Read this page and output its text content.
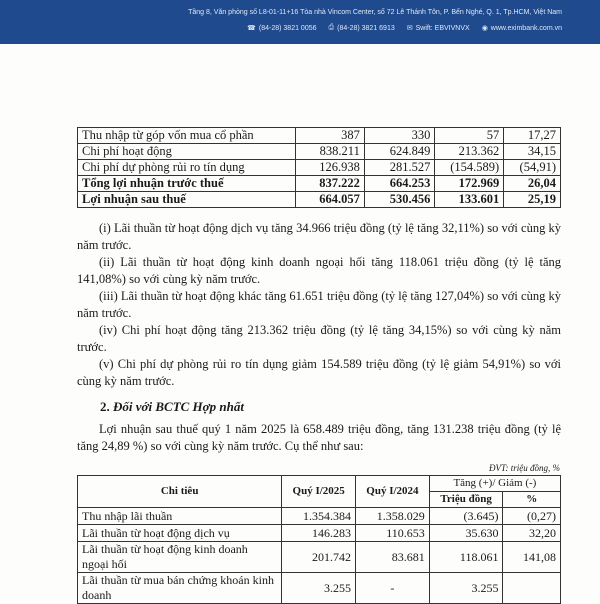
Tầng 8, Văn phòng số L8-01-11+16 Tòa nhà Vincom Center, số 72 Lê Thánh Tôn, P. Bến Nghé, Q. 1, Tp.HCM, Việt Nam
☎ (84-28) 3821 0056 ⎙ (84-28) 3821 6913 ✉ Swift: EBVIVNVX ◉ www.eximbank.com.vn
Thu nhập từ góp vốn mua cổ phần	387	330	57	17,27
Chi phí hoạt động	838.211	624.849	213.362	34,15
Chi phí dự phòng rủi ro tín dụng	126.938	281.527	(154.589)	(54,91)
Tổng lợi nhuận trước thuế	837.222	664.253	172.969	26,04
Lợi nhuận sau thuế	664.057	530.456	133.601	25,19
(i) Lãi thuần từ hoạt động dịch vụ tăng 34.966 triệu đồng (tỷ lệ tăng 32,11%) so với cùng kỳ năm trước.
(ii) Lãi thuần từ hoạt động kinh doanh ngoại hối tăng 118.061 triệu đồng (tỷ lệ tăng 141,08%) so với cùng kỳ năm trước.
(iii) Lãi thuần từ hoạt động khác tăng 61.651 triệu đồng (tỷ lệ tăng 127,04%) so với cùng kỳ năm trước.
(iv) Chi phí hoạt động tăng 213.362 triệu đồng (tỷ lệ tăng 34,15%) so với cùng kỳ năm trước.
(v) Chi phí dự phòng rủi ro tín dụng giảm 154.589 triệu đồng (tỷ lệ giảm 54,91%) so với cùng kỳ năm trước.
2. Đối với BCTC Hợp nhất
Lợi nhuận sau thuế quý 1 năm 2025 là 658.489 triệu đồng, tăng 131.238 triệu đồng (tỷ lệ tăng 24,89 %) so với cùng kỳ năm trước. Cụ thể như sau:
ĐVT: triệu đồng, %
Chi tiêu	Quý I/2025	Quý I/2024	Tăng (+)/ Giảm (-)	
			Triệu đồng	%
Thu nhập lãi thuần	1.354.384	1.358.029	(3.645)	(0,27)
Lãi thuần từ hoạt động dịch vụ	146.283	110.653	35.630	32,20
Lãi thuần từ hoạt động kinh doanh ngoại hối	201.742	83.681	118.061	141,08
Lãi thuần từ mua bán chứng khoán kinh doanh	3.255	-	3.255	
